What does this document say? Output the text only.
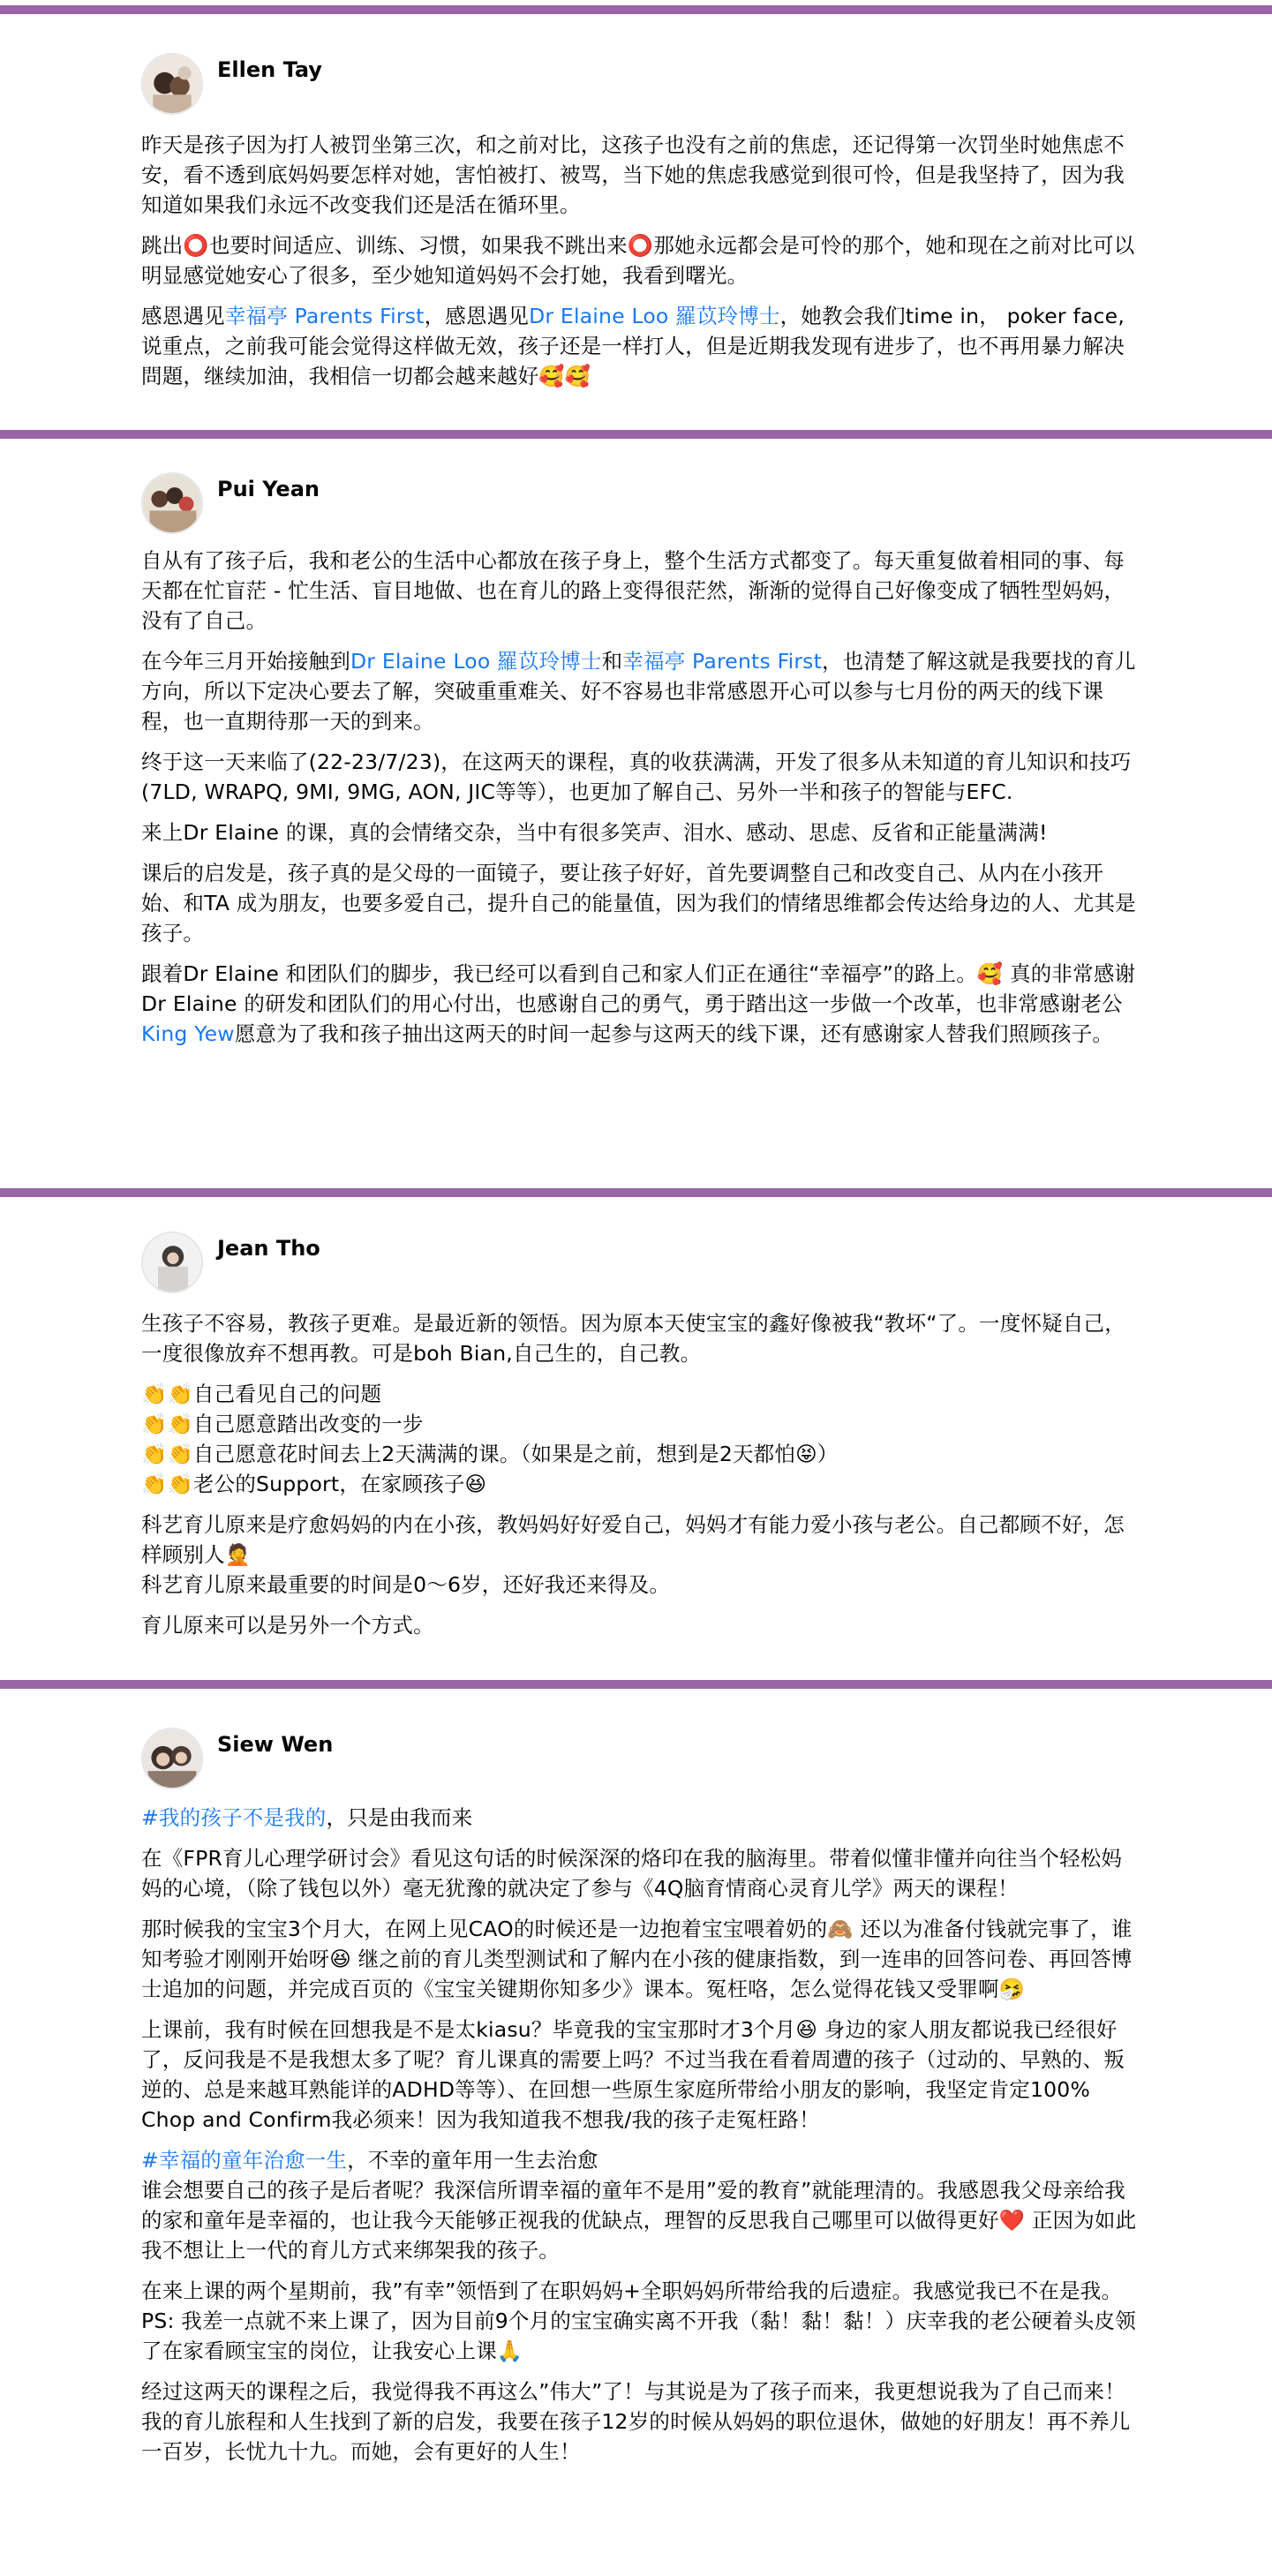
Ellen Tay

昨天是孩子因为打人被罚坐第三次，和之前对比，这孩子也没有之前的焦虑，还记得第一次罚坐时她焦虑不安，看不透到底妈妈要怎样对她，害怕被打、被骂，当下她的焦虑我感觉到很可怜，但是我坚持了，因为我知道如果我们永远不改变我们还是活在循环里。

跳出⭕也要时间适应、训练、习惯，如果我不跳出来⭕那她永远都会是可怜的那个，她和现在之前对比可以明显感觉她安心了很多，至少她知道妈妈不会打她，我看到曙光。

感恩遇见幸福亭 Parents First，感恩遇见Dr Elaine Loo 羅苡玲博士，她教会我们time in， poker face, 说重点，之前我可能会觉得这样做无效，孩子还是一样打人，但是近期我发现有进步了，也不再用暴力解决問題，继续加油，我相信一切都会越来越好🥰🥰

Pui Yean

自从有了孩子后，我和老公的生活中心都放在孩子身上，整个生活方式都变了。每天重复做着相同的事、每天都在忙盲茫 - 忙生活、盲目地做、也在育儿的路上变得很茫然，渐渐的觉得自己好像变成了牺牲型妈妈，没有了自己。

在今年三月开始接触到Dr Elaine Loo 羅苡玲博士和幸福亭 Parents First，也清楚了解这就是我要找的育儿方向，所以下定决心要去了解，突破重重难关、好不容易也非常感恩开心可以参与七月份的两天的线下课程，也一直期待那一天的到来。

终于这一天来临了(22-23/7/23)，在这两天的课程，真的收获满满，开发了很多从未知道的育儿知识和技巧(7LD, WRAPQ, 9MI, 9MG, AON, JIC等等），也更加了解自己、另外一半和孩子的智能与EFC.

来上Dr Elaine 的课，真的会情绪交杂，当中有很多笑声、泪水、感动、思虑、反省和正能量满满!

课后的启发是，孩子真的是父母的一面镜子，要让孩子好好，首先要调整自己和改变自己、从内在小孩开始、和TA 成为朋友，也要多爱自己，提升自己的能量值，因为我们的情绪思维都会传达给身边的人、尤其是孩子。

跟着Dr Elaine 和团队们的脚步，我已经可以看到自己和家人们正在通往“幸福亭”的路上。🥰 真的非常感谢Dr Elaine 的研发和团队们的用心付出，也感谢自己的勇气，勇于踏出这一步做一个改革，也非常感谢老公King Yew愿意为了我和孩子抽出这两天的时间一起参与这两天的线下课，还有感谢家人替我们照顾孩子。

Jean Tho

生孩子不容易，教孩子更难。是最近新的领悟。因为原本天使宝宝的鑫好像被我“教坏“了。一度怀疑自己，一度很像放弃不想再教。可是boh Bian,自己生的，自己教。

👏👏自己看见自己的问题
👏👏自己愿意踏出改变的一步
👏👏自己愿意花时间去上2天满满的课。（如果是之前，想到是2天都怕😝）
👏👏老公的Support，在家顾孩子😆

科艺育儿原来是疗愈妈妈的内在小孩，教妈妈好好爱自己，妈妈才有能力爱小孩与老公。自己都顾不好，怎样顾别人🤦
科艺育儿原来最重要的时间是0～6岁，还好我还来得及。

育儿原来可以是另外一个方式。

Siew Wen

#我的孩子不是我的，只是由我而来

在《FPR育儿心理学研讨会》看见这句话的时候深深的烙印在我的脑海里。带着似懂非懂并向往当个轻松妈妈的心境，（除了钱包以外）毫无犹豫的就决定了参与《4Q脑育情商心灵育儿学》两天的课程！

那时候我的宝宝3个月大，在网上见CAO的时候还是一边抱着宝宝喂着奶的🙈 还以为准备付钱就完事了，谁知考验才刚刚开始呀😆 继之前的育儿类型测试和了解内在小孩的健康指数，到一连串的回答问卷、再回答博士追加的问题，并完成百页的《宝宝关键期你知多少》课本。冤枉咯，怎么觉得花钱又受罪啊🤧

上课前，我有时候在回想我是不是太kiasu？毕竟我的宝宝那时才3个月😆 身边的家人朋友都说我已经很好了，反问我是不是我想太多了呢？育儿课真的需要上吗？不过当我在看着周遭的孩子（过动的、早熟的、叛逆的、总是来越耳熟能详的ADHD等等）、在回想一些原生家庭所带给小朋友的影响，我坚定肯定100% Chop and Confirm我必须来！因为我知道我不想我/我的孩子走冤枉路！

#幸福的童年治愈一生，不幸的童年用一生去治愈
谁会想要自己的孩子是后者呢？我深信所谓幸福的童年不是用”爱的教育”就能理清的。我感恩我父母亲给我的家和童年是幸福的，也让我今天能够正视我的优缺点，理智的反思我自己哪里可以做得更好❤️ 正因为如此我不想让上一代的育儿方式来绑架我的孩子。

在来上课的两个星期前，我”有幸”领悟到了在职妈妈+全职妈妈所带给我的后遗症。我感觉我已不在是我。PS: 我差一点就不来上课了，因为目前9个月的宝宝确实离不开我（黏！黏！黏！）庆幸我的老公硬着头皮领了在家看顾宝宝的岗位，让我安心上课🙏

经过这两天的课程之后，我觉得我不再这么”伟大”了！与其说是为了孩子而来，我更想说我为了自己而来！我的育儿旅程和人生找到了新的启发，我要在孩子12岁的时候从妈妈的职位退休，做她的好朋友！再不养儿一百岁，长忧九十九。而她，会有更好的人生！
